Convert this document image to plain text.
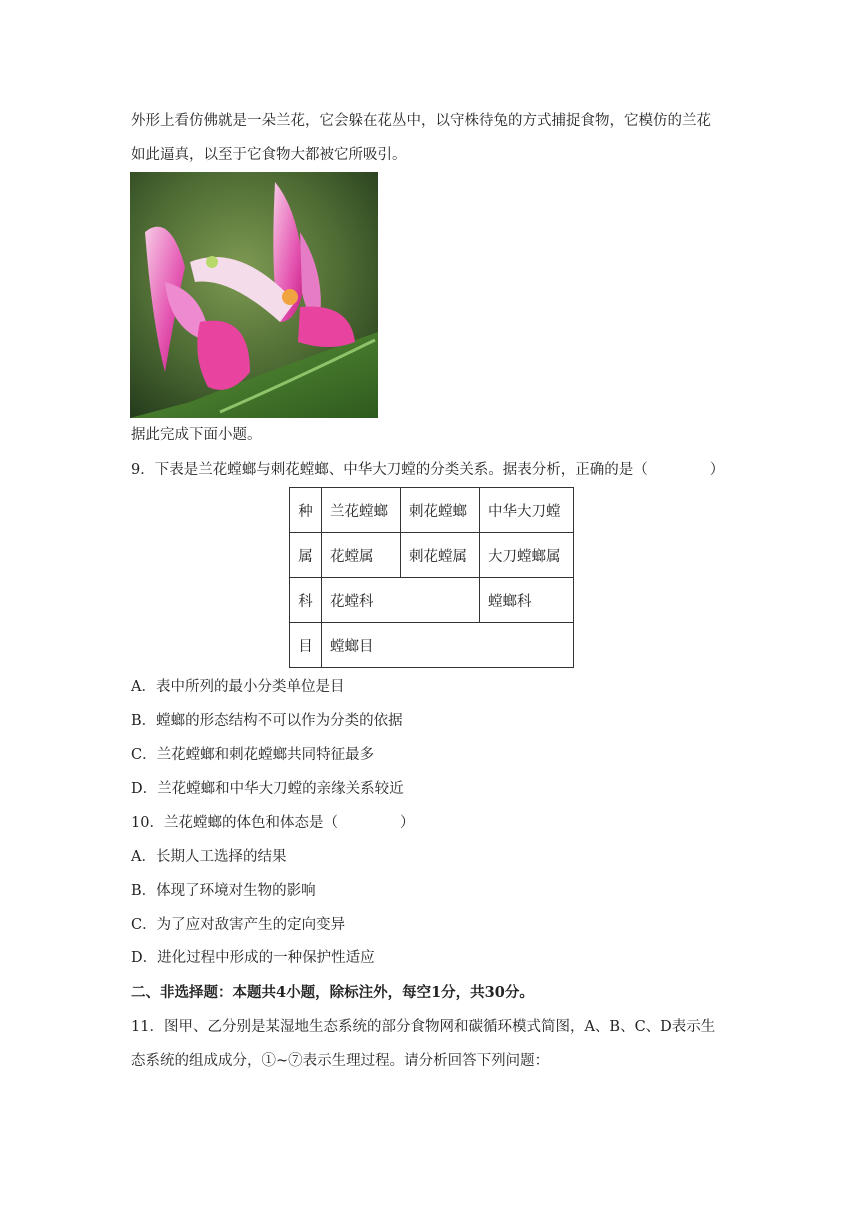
外形上看仿佛就是一朵兰花，它会躲在花丛中，以守株待兔的方式捕捉食物，它模仿的兰花
如此逼真，以至于它食物大都被它所吸引。
据此完成下面小题。
9．下表是兰花螳螂与刺花螳螂、中华大刀螳的分类关系。据表分析，正确的是（	）
种	兰花螳螂	刺花螳螂	中华大刀螳
属	花螳属	刺花螳属	大刀螳螂属
科	花螳科		螳螂科
目	螳螂目		
A．表中所列的最小分类单位是目
B．螳螂的形态结构不可以作为分类的依据
C．兰花螳螂和刺花螳螂共同特征最多
D．兰花螳螂和中华大刀螳的亲缘关系较近
10．兰花螳螂的体色和体态是（	）
A．长期人工选择的结果
B．体现了环境对生物的影响
C．为了应对敌害产生的定向变异
D．进化过程中形成的一种保护性适应
二、非选择题：本题共4小题，除标注外，每空1分，共30分。
11．图甲、乙分别是某湿地生态系统的部分食物网和碳循环模式简图，A、B、C、D表示生
态系统的组成成分，①~⑦表示生理过程。请分析回答下列问题：
